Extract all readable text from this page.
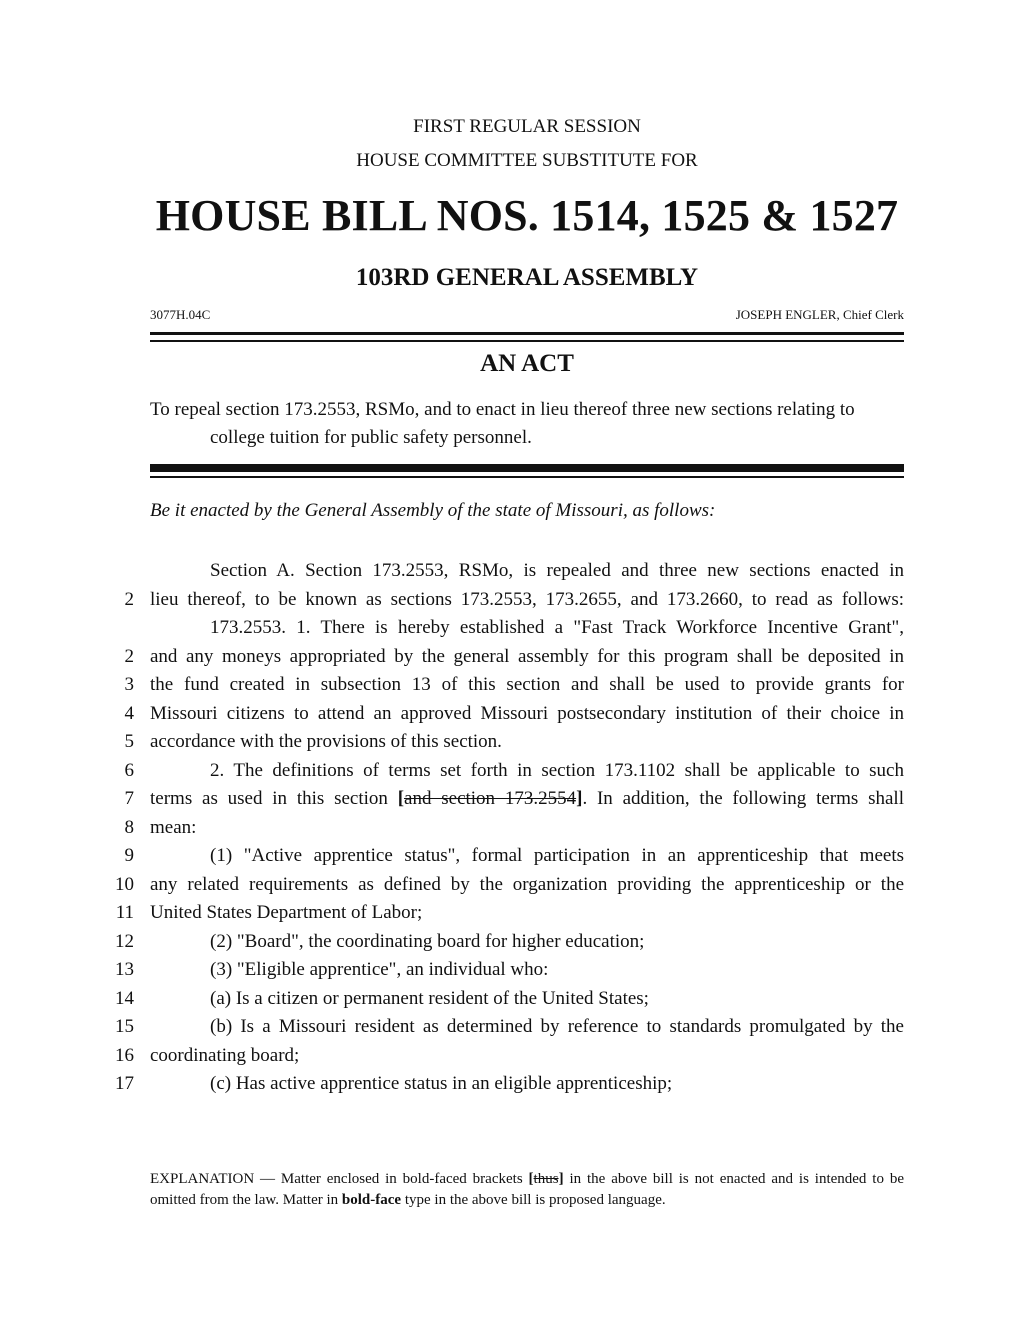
FIRST REGULAR SESSION
HOUSE COMMITTEE SUBSTITUTE FOR
HOUSE BILL NOS. 1514, 1525 & 1527
103RD GENERAL ASSEMBLY
3077H.04C	JOSEPH ENGLER, Chief Clerk
AN ACT
To repeal section 173.2553, RSMo, and to enact in lieu thereof three new sections relating to
college tuition for public safety personnel.
Be it enacted by the General Assembly of the state of Missouri, as follows:
Section A. Section 173.2553, RSMo, is repealed and three new sections enacted in
2 lieu thereof, to be known as sections 173.2553, 173.2655, and 173.2660, to read as follows:
173.2553. 1. There is hereby established a "Fast Track Workforce Incentive Grant",
2 and any moneys appropriated by the general assembly for this program shall be deposited in
3 the fund created in subsection 13 of this section and shall be used to provide grants for
4 Missouri citizens to attend an approved Missouri postsecondary institution of their choice in
5 accordance with the provisions of this section.
6	2. The definitions of terms set forth in section 173.1102 shall be applicable to such
7 terms as used in this section [and section 173.2554]. In addition, the following terms shall
8 mean:
9	(1) "Active apprentice status", formal participation in an apprenticeship that meets
10 any related requirements as defined by the organization providing the apprenticeship or the
11 United States Department of Labor;
12	(2) "Board", the coordinating board for higher education;
13	(3) "Eligible apprentice", an individual who:
14	(a) Is a citizen or permanent resident of the United States;
15	(b) Is a Missouri resident as determined by reference to standards promulgated by the
16 coordinating board;
17	(c) Has active apprentice status in an eligible apprenticeship;
EXPLANATION — Matter enclosed in bold-faced brackets [thus] in the above bill is not enacted and is intended to be omitted from the law. Matter in bold-face type in the above bill is proposed language.
